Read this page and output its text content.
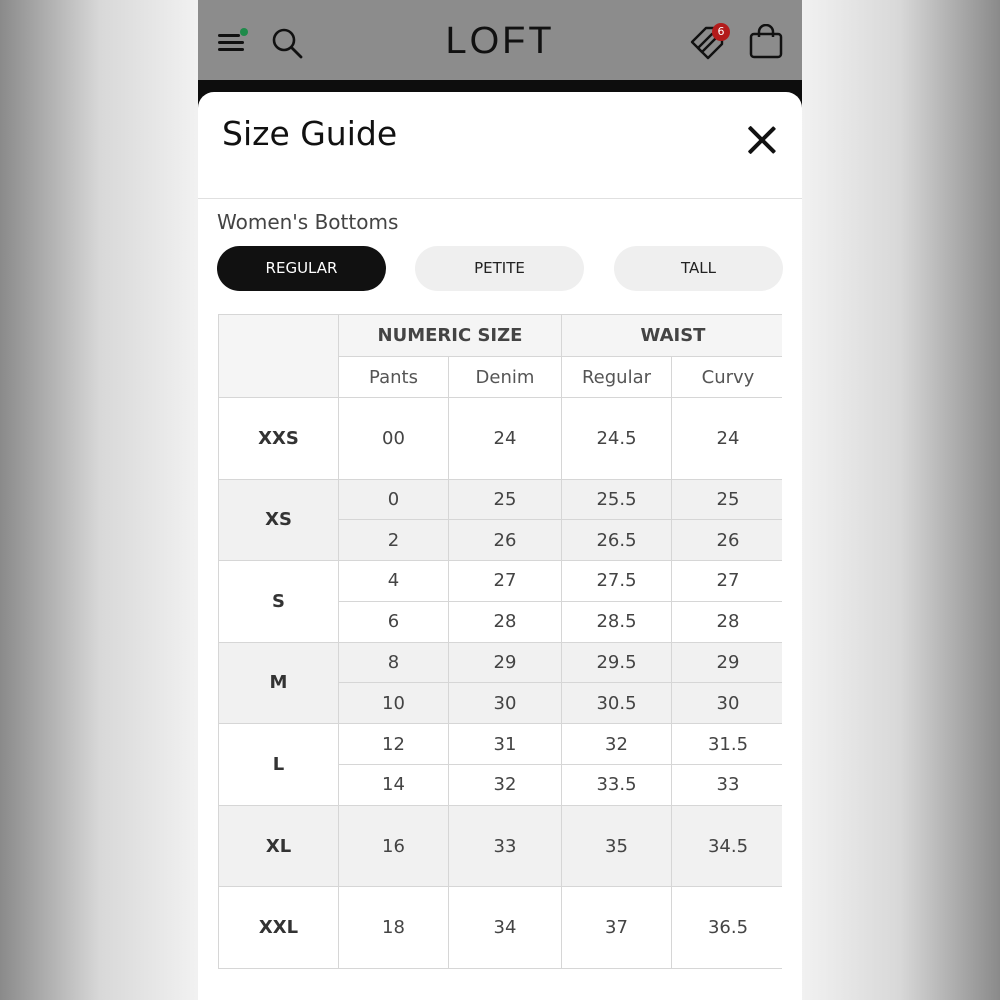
LOFT	6
Size Guide
Women's Bottoms
REGULAR	PETITE	TALL
	NUMERIC SIZE		WAIST	
	Pants	Denim	Regular	Curvy
XXS	00	24	24.5	24
XS	0	25	25.5	25
	2	26	26.5	26
S	4	27	27.5	27
	6	28	28.5	28
M	8	29	29.5	29
	10	30	30.5	30
L	12	31	32	31.5
	14	32	33.5	33
XL	16	33	35	34.5
XXL	18	34	37	36.5
